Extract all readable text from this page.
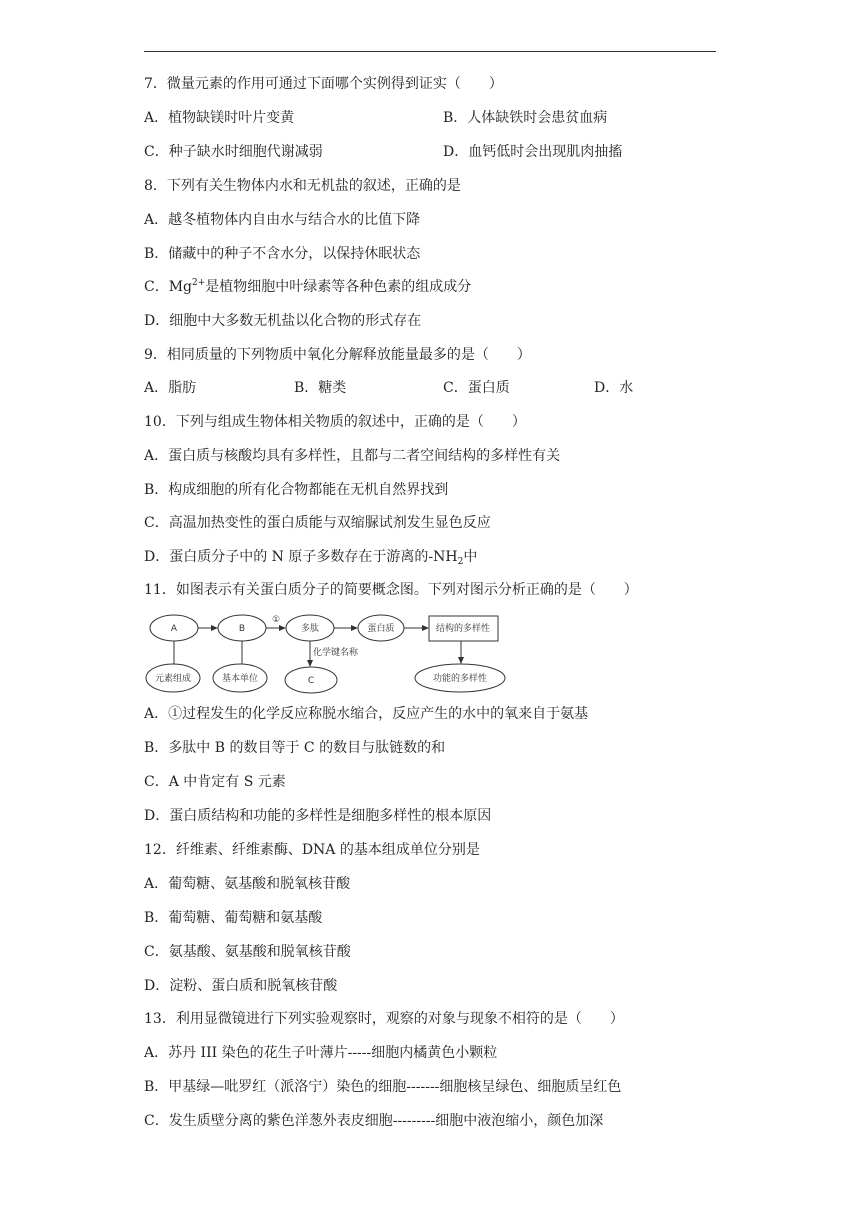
7．微量元素的作用可通过下面哪个实例得到证实（　　）
A．植物缺镁时叶片变黄	B．人体缺铁时会患贫血病
C．种子缺水时细胞代谢减弱	D．血钙低时会出现肌肉抽搐
8．下列有关生物体内水和无机盐的叙述，正确的是
A．越冬植物体内自由水与结合水的比值下降
B．储藏中的种子不含水分，以保持休眠状态
C．$Mg^{2+}$是植物细胞中叶绿素等各种色素的组成成分
D．细胞中大多数无机盐以化合物的形式存在
9．相同质量的下列物质中氧化分解释放能量最多的是（　　）
A．脂肪	B．糖类	C．蛋白质	D．水
10．下列与组成生物体相关物质的叙述中，正确的是（　　）
A．蛋白质与核酸均具有多样性，且都与二者空间结构的多样性有关
B．构成细胞的所有化合物都能在无机自然界找到
C．高温加热变性的蛋白质能与双缩脲试剂发生显色反应
D．蛋白质分子中的 N 原子多数存在于游离的$-NH_2$中
11．如图表示有关蛋白质分子的简要概念图。下列对图示分析正确的是（　　）
A	B	多肽	蛋白质	结构的多样性
元素组成	基本单位	C	功能的多样性
①
化学键名称
A．①过程发生的化学反应称脱水缩合，反应产生的水中的氧来自于氨基
B．多肽中 B 的数目等于 C 的数目与肽链数的和
C．A 中肯定有 S 元素
D．蛋白质结构和功能的多样性是细胞多样性的根本原因
12．纤维素、纤维素酶、DNA 的基本组成单位分别是
A．葡萄糖、氨基酸和脱氧核苷酸
B．葡萄糖、葡萄糖和氨基酸
C．氨基酸、氨基酸和脱氧核苷酸
D．淀粉、蛋白质和脱氧核苷酸
13．利用显微镜进行下列实验观察时，观察的对象与现象不相符的是（　　）
A．苏丹 III 染色的花生子叶薄片-----细胞内橘黄色小颗粒
B．甲基绿—吡罗红（派洛宁）染色的细胞-------细胞核呈绿色、细胞质呈红色
C．发生质壁分离的紫色洋葱外表皮细胞---------细胞中液泡缩小，颜色加深
